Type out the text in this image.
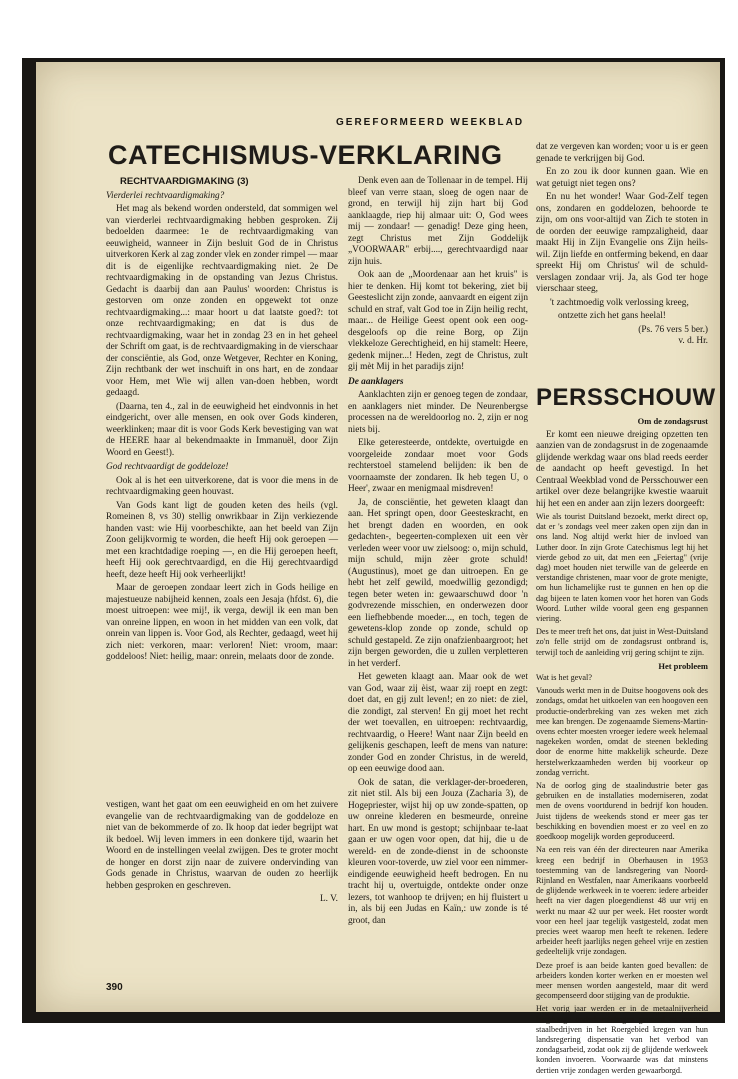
GEREFORMEERD WEEKBLAD
CATECHISMUS-VERKLARING
RECHTVAARDIGMAKING (3)

Vierderlei rechtvaardigmaking?

Het mag als bekend worden ondersteld, dat sommigen wel van vierderlei rechtvaardigmaking hebben gesproken. Zij bedoelden daarmee: 1e de rechtvaardigmaking van eeuwigheid, wanneer in Zijn besluit God de in Christus uitverkoren Kerk al zag zonder vlek en zonder rimpel — maar dit is de eigenlijke rechtvaardigmaking niet. 2e De rechtvaardigmaking in de opstanding van Jezus Christus. Gedacht is daarbij dan aan Paulus' woorden: Christus is gestorven om onze zonden en opgewekt tot onze rechtvaardigmaking...: maar hoort u dat laatste goed?: tot onze rechtvaardigmaking; en dat is dus de rechtvaardigmaking, waar het in zondag 23 en in het geheel der Schrift om gaat, is de rechtvaardigmaking in de vierschaar der consciëntie, als God, onze Wetgever, Rechter en Koning, Zijn rechtbank der wet inschuift in ons hart, en de zondaar voor Hem, met Wie wij allen van-doen hebben, wordt gedaagd.

(Daarna, ten 4., zal in de eeuwigheid het eindvonnis in het eindgericht, over alle mensen, en ook over Gods kinderen, weerklinken; maar dit is voor Gods Kerk bevestiging van wat de HEERE haar al bekendmaakte in Immanuël, door Zijn Woord en Geest!).

God rechtvaardigt de goddeloze!

Ook al is het een uitverkorene, dat is voor die mens in de rechtvaardigmaking geen houvast.

Van Gods kant ligt de gouden keten des heils (vgl. Romeinen 8, vs 30) stellig onwrikbaar in Zijn verkiezende handen vast: wie Hij voorbeschikte, aan het beeld van Zijn Zoon gelijkvormig te worden, die heeft Hij ook geroepen — met een krachtdadige roeping —, en die Hij geroepen heeft, heeft Hij ook gerechtvaardigd, en die Hij gerechtvaardigd heeft, deze heeft Hij ook verheerlijkt!

Maar de geroepen zondaar leert zich in Gods heilige en majestueuze nabijheid kennen, zoals een Jesaja (hfdst. 6), die moest uitroepen: wee mij!, ik verga, dewijl ik een man ben van onreine lippen, en woon in het midden van een volk, dat onrein van lippen is. Voor God, als Rechter, gedaagd, weet hij zich niet: verkoren, maar: verloren! Niet: vroom, maar: goddeloos! Niet: heilig, maar: onrein, melaats door de zonde.

vestigen, want het gaat om een eeuwigheid en om het zuivere evangelie van de rechtvaardigmaking van de goddeloze en niet van de bekommerde of zo. Ik hoop dat ieder begrijpt wat ik bedoel. Wij leven immers in een donkere tijd, waarin het Woord en de instellingen veelal zwijgen. Des te groter mocht de honger en dorst zijn naar de zuivere ondervinding van Gods genade in Christus, waarvan de ouden zo heerlijk hebben gesproken en geschreven.

L. V.

Denk even aan de Tollenaar in de tempel. Hij bleef van verre staan, sloeg de ogen naar de grond, en terwijl hij zijn hart bij God aanklaagde, riep hij almaar uit: O, God wees mij — zondaar! — genadig! Deze ging heen, zegt Christus met Zijn Goddelijk „VOORWAAR" erbij...., gerechtvaardigd naar zijn huis.

Ook aan de „Moordenaar aan het kruis" is hier te denken. Hij komt tot bekering, ziet bij Geesteslicht zijn zonde, aanvaardt en eigent zijn schuld en straf, valt God toe in Zijn heilig recht, maar... de Heilige Geest opent ook een oog-desgeloofs op die reine Borg, op Zijn vlekkeloze Gerechtigheid, en hij stamelt: Heere, gedenk mijner...! Heden, zegt de Christus, zult gij mèt Mij in het paradijs zijn!

De aanklagers

Aanklachten zijn er genoeg tegen de zondaar, en aanklagers niet minder. De Neurenbergse processen na de wereldoorlog no. 2, zijn er nog niets bij.

Elke geteresteerde, ontdekte, overtuigde en voorgeleide zondaar moet voor Gods rechterstoel stamelend belijden: ik ben de voornaamste der zondaren. Ik heb tegen U, o Heer', zwaar en menigmaal misdreven!

Ja, de consciëntie, het geweten klaagt dan aan. Het springt open, door Geesteskracht, en het brengt daden en woorden, en ook gedachten-, begeerten-complexen uit een vèr verleden weer voor uw zielsoog: o, mijn schuld, mijn schuld, mijn zèer grote schuld! (Augustinus), moet ge dan uitroepen. En ge hebt het zelf gewild, moedwillig gezondigd; tegen beter weten in: gewaarschuwd door 'n godvrezende misschien, en onderwezen door een liefhebbende moeder..., en toch, tegen de gewetens-klop zonde op zonde, schuld op schuld gestapeld. Ze zijn onafzienbaargroot; het zijn bergen geworden, die u zullen verpletteren in het verderf.

Het geweten klaagt aan. Maar ook de wet van God, waar zij èist, waar zij roept en zegt: doet dat, en gij zult leven!; en zo niet: de ziel, die zondigt, zal sterven! En gij moet het recht der wet toevallen, en uitroepen: rechtvaardig, rechtvaardig, o Heere! Want naar Zijn beeld en gelijkenis geschapen, leeft de mens van nature: zonder God en zonder Christus, in de wereld, op een eeuwige dood aan.

Ook de satan, die verklager-der-broederen, zit niet stil. Als bij een Jouza (Zacharia 3), de Hogepriester, wijst hij op uw zonde-spatten, op uw onreine klederen en besmeurde, onreine hart. En uw mond is gestopt; schijnbaar te-laat gaan er uw ogen voor open, dat hij, die u de wereld- en de zonde-dienst in de schoonste kleuren voor-toverde, uw ziel voor een nimmer-eindigende eeuwigheid heeft bedrogen. En nu tracht hij u, overtuigde, ontdekte onder onze lezers, tot wanhoop te drijven; en hij fluistert u in, als bij een Judas en Kaïn,: uw zonde is té groot, dan

dat ze vergeven kan worden; voor u is er geen genade te verkrijgen bij God.

En zo zou ik door kunnen gaan. Wie en wat getuigt niet tegen ons?

En nu het wonder! Waar God-Zelf tegen ons, zondaren en goddelozen, behoorde te zijn, om ons voor-altijd van Zich te stoten in de oorden der eeuwige rampzaligheid, daar maakt Hij in Zijn Evangelie ons Zijn heils-wil. Zijn liefde en ontferming bekend, en daar spreekt Hij om Christus' wil de schuld-verslagen zondaar vrij. Ja, als God ter hoge vierschaar steeg,

't zachtmoedig volk verlossing kreeg,

ontzette zich het gans heelal!

(Ps. 76 vers 5 ber.)

v. d. Hr.

PERSSCHOUW
Om de zondagsrust

Er komt een nieuwe dreiging opzetten ten aanzien van de zondagsrust in de zogenaamde glijdende werkdag waar ons blad reeds eerder de aandacht op heeft gevestigd. In het Centraal Weekblad vond de Persschouwer een artikel over deze belangrijke kwestie waaruit hij het een en ander aan zijn lezers doorgeeft:

Wie als tourist Duitsland bezoekt, merkt direct op, dat er 's zondags veel meer zaken open zijn dan in ons land. Nog altijd werkt hier de invloed van Luther door. In zijn Grote Catechismus legt hij het vierde gebod zo uit, dat men een „Feiertag" (vrije dag) moet houden niet terwille van de geleerde en verstandige christenen, maar voor de grote menigte, om hun lichamelijke rust te gunnen en hen op die dag bijeen te laten komen voor het horen van Gods Woord. Luther wilde vooral geen eng gespannen viering.

Des te meer treft het ons, dat juist in West-Duitsland zo'n felle strijd om de zondagsrust ontbrand is, terwijl toch de aanleiding vrij gering schijnt te zijn.

Het probleem

Wat is het geval?

Vanouds werkt men in de Duitse hoogovens ook des zondags, omdat het uitkoelen van een hoogoven een productie-onderbreking van zes weken met zich mee kan brengen. De zogenaamde Siemens-Martin-ovens echter moesten vroeger iedere week helemaal nagekeken worden, omdat de steenen bekleding door de enorme hitte makkelijk scheurde. Deze herstelwerkzaamheden werden bij voorkeur op zondag verricht.

Na de oorlog ging de staalindustrie beter gas gebruiken en de installaties moderniseren, zodat men de ovens voortdurend in bedrijf kon houden. Juist tijdens de weekends stond er meer gas ter beschikking en bovendien moest er zo veel en zo goedkoop mogelijk worden geproduceerd.

Na een reis van één der directeuren naar Amerika kreeg een bedrijf in Oberhausen in 1953 toestemming van de landsregering van Noord-Rijnland en Westfalen, naar Amerikaans voorbeeld de glijdende werkweek in te voeren: iedere arbeider heeft na vier dagen ploegendienst 48 uur vrij en werkt nu maar 42 uur per week. Het rooster wordt voor een heel jaar tegelijk vastgesteld, zodat men precies weet waarop men heeft te rekenen. Iedere arbeider heeft jaarlijks negen geheel vrije en zestien gedeeltelijk vrije zondagen.

Deze proef is aan beide kanten goed bevallen: de arbeiders konden korter werken en er moesten wel meer mensen worden aangesteld, maar dit werd gecompenseerd door stijging van de produktie.

Het vorig jaar werden er in de metaalnijverheid langdurige onderhandelingen gevoerd en veertien staalbedrijven in het Roergebied kregen van hun landsregering dispensatie van het verbod van zondagsarbeid, zodat ook zij de glijdende werkweek konden invoeren. Voorwaarde was dat minstens dertien vrije zondagen werden gewaarborgd.

390
